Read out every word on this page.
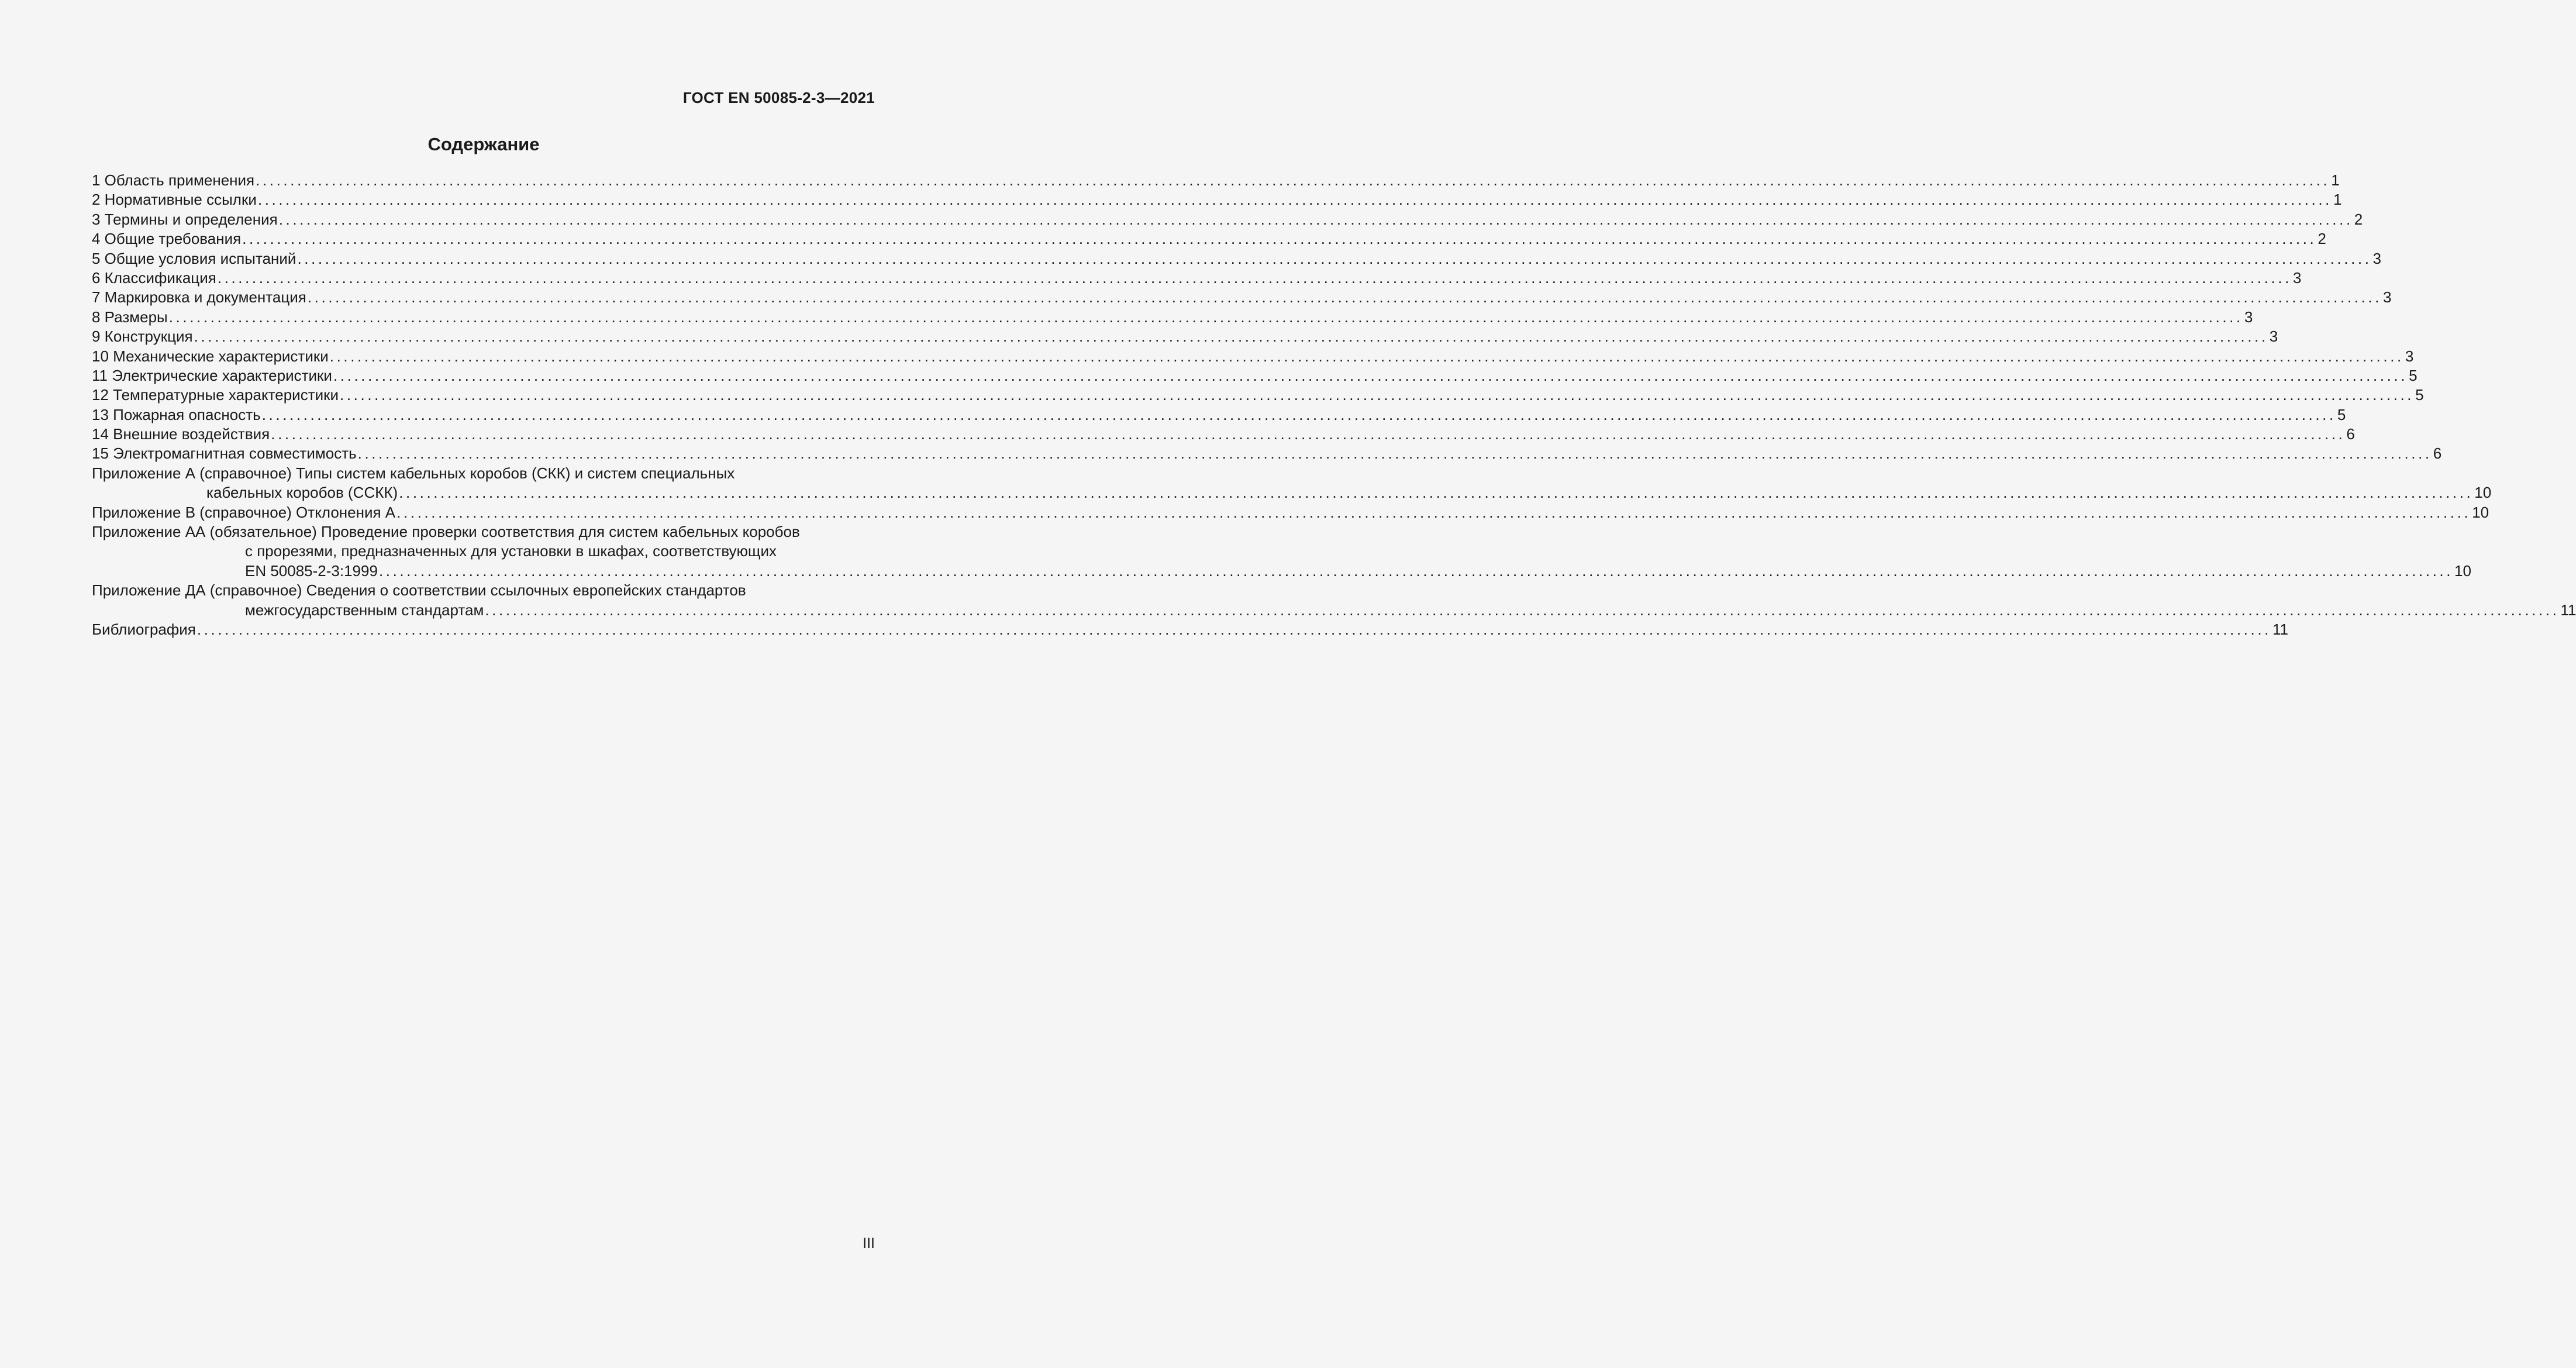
ГОСТ EN 50085-2-3—2021
Содержание
1 Область применения ............................................................................................................................................................................................................................................................................................................ 1
2 Нормативные ссылки ............................................................................................................................................................................................................................................................................................................ 1
3 Термины и определения ............................................................................................................................................................................................................................................................................................................ 2
4 Общие требования ............................................................................................................................................................................................................................................................................................................ 2
5 Общие условия испытаний ............................................................................................................................................................................................................................................................................................................ 3
6 Классификация ............................................................................................................................................................................................................................................................................................................ 3
7 Маркировка и документация ............................................................................................................................................................................................................................................................................................................ 3
8 Размеры ............................................................................................................................................................................................................................................................................................................ 3
9 Конструкция ............................................................................................................................................................................................................................................................................................................ 3
10 Механические характеристики ............................................................................................................................................................................................................................................................................................................ 3
11 Электрические характеристики ............................................................................................................................................................................................................................................................................................................ 5
12 Температурные характеристики ............................................................................................................................................................................................................................................................................................................ 5
13 Пожарная опасность ............................................................................................................................................................................................................................................................................................................ 5
14 Внешние воздействия ............................................................................................................................................................................................................................................................................................................ 6
15 Электромагнитная совместимость ............................................................................................................................................................................................................................................................................................................ 6
Приложение А (справочное) Типы систем кабельных коробов (СКК) и систем специальных
кабельных коробов (ССКК) ............................................................................................................................................................................................................................................................................................................ 10
Приложение В (справочное) Отклонения А ............................................................................................................................................................................................................................................................................................................ 10
Приложение АА (обязательное) Проведение проверки соответствия для систем кабельных коробов
с прорезями, предназначенных для установки в шкафах, соответствующих
EN 50085-2-3:1999 ............................................................................................................................................................................................................................................................................................................ 10
Приложение ДА (справочное) Сведения о соответствии ссылочных европейских стандартов
межгосударственным стандартам ............................................................................................................................................................................................................................................................................................................ 11
Библиография ............................................................................................................................................................................................................................................................................................................ 11
III
